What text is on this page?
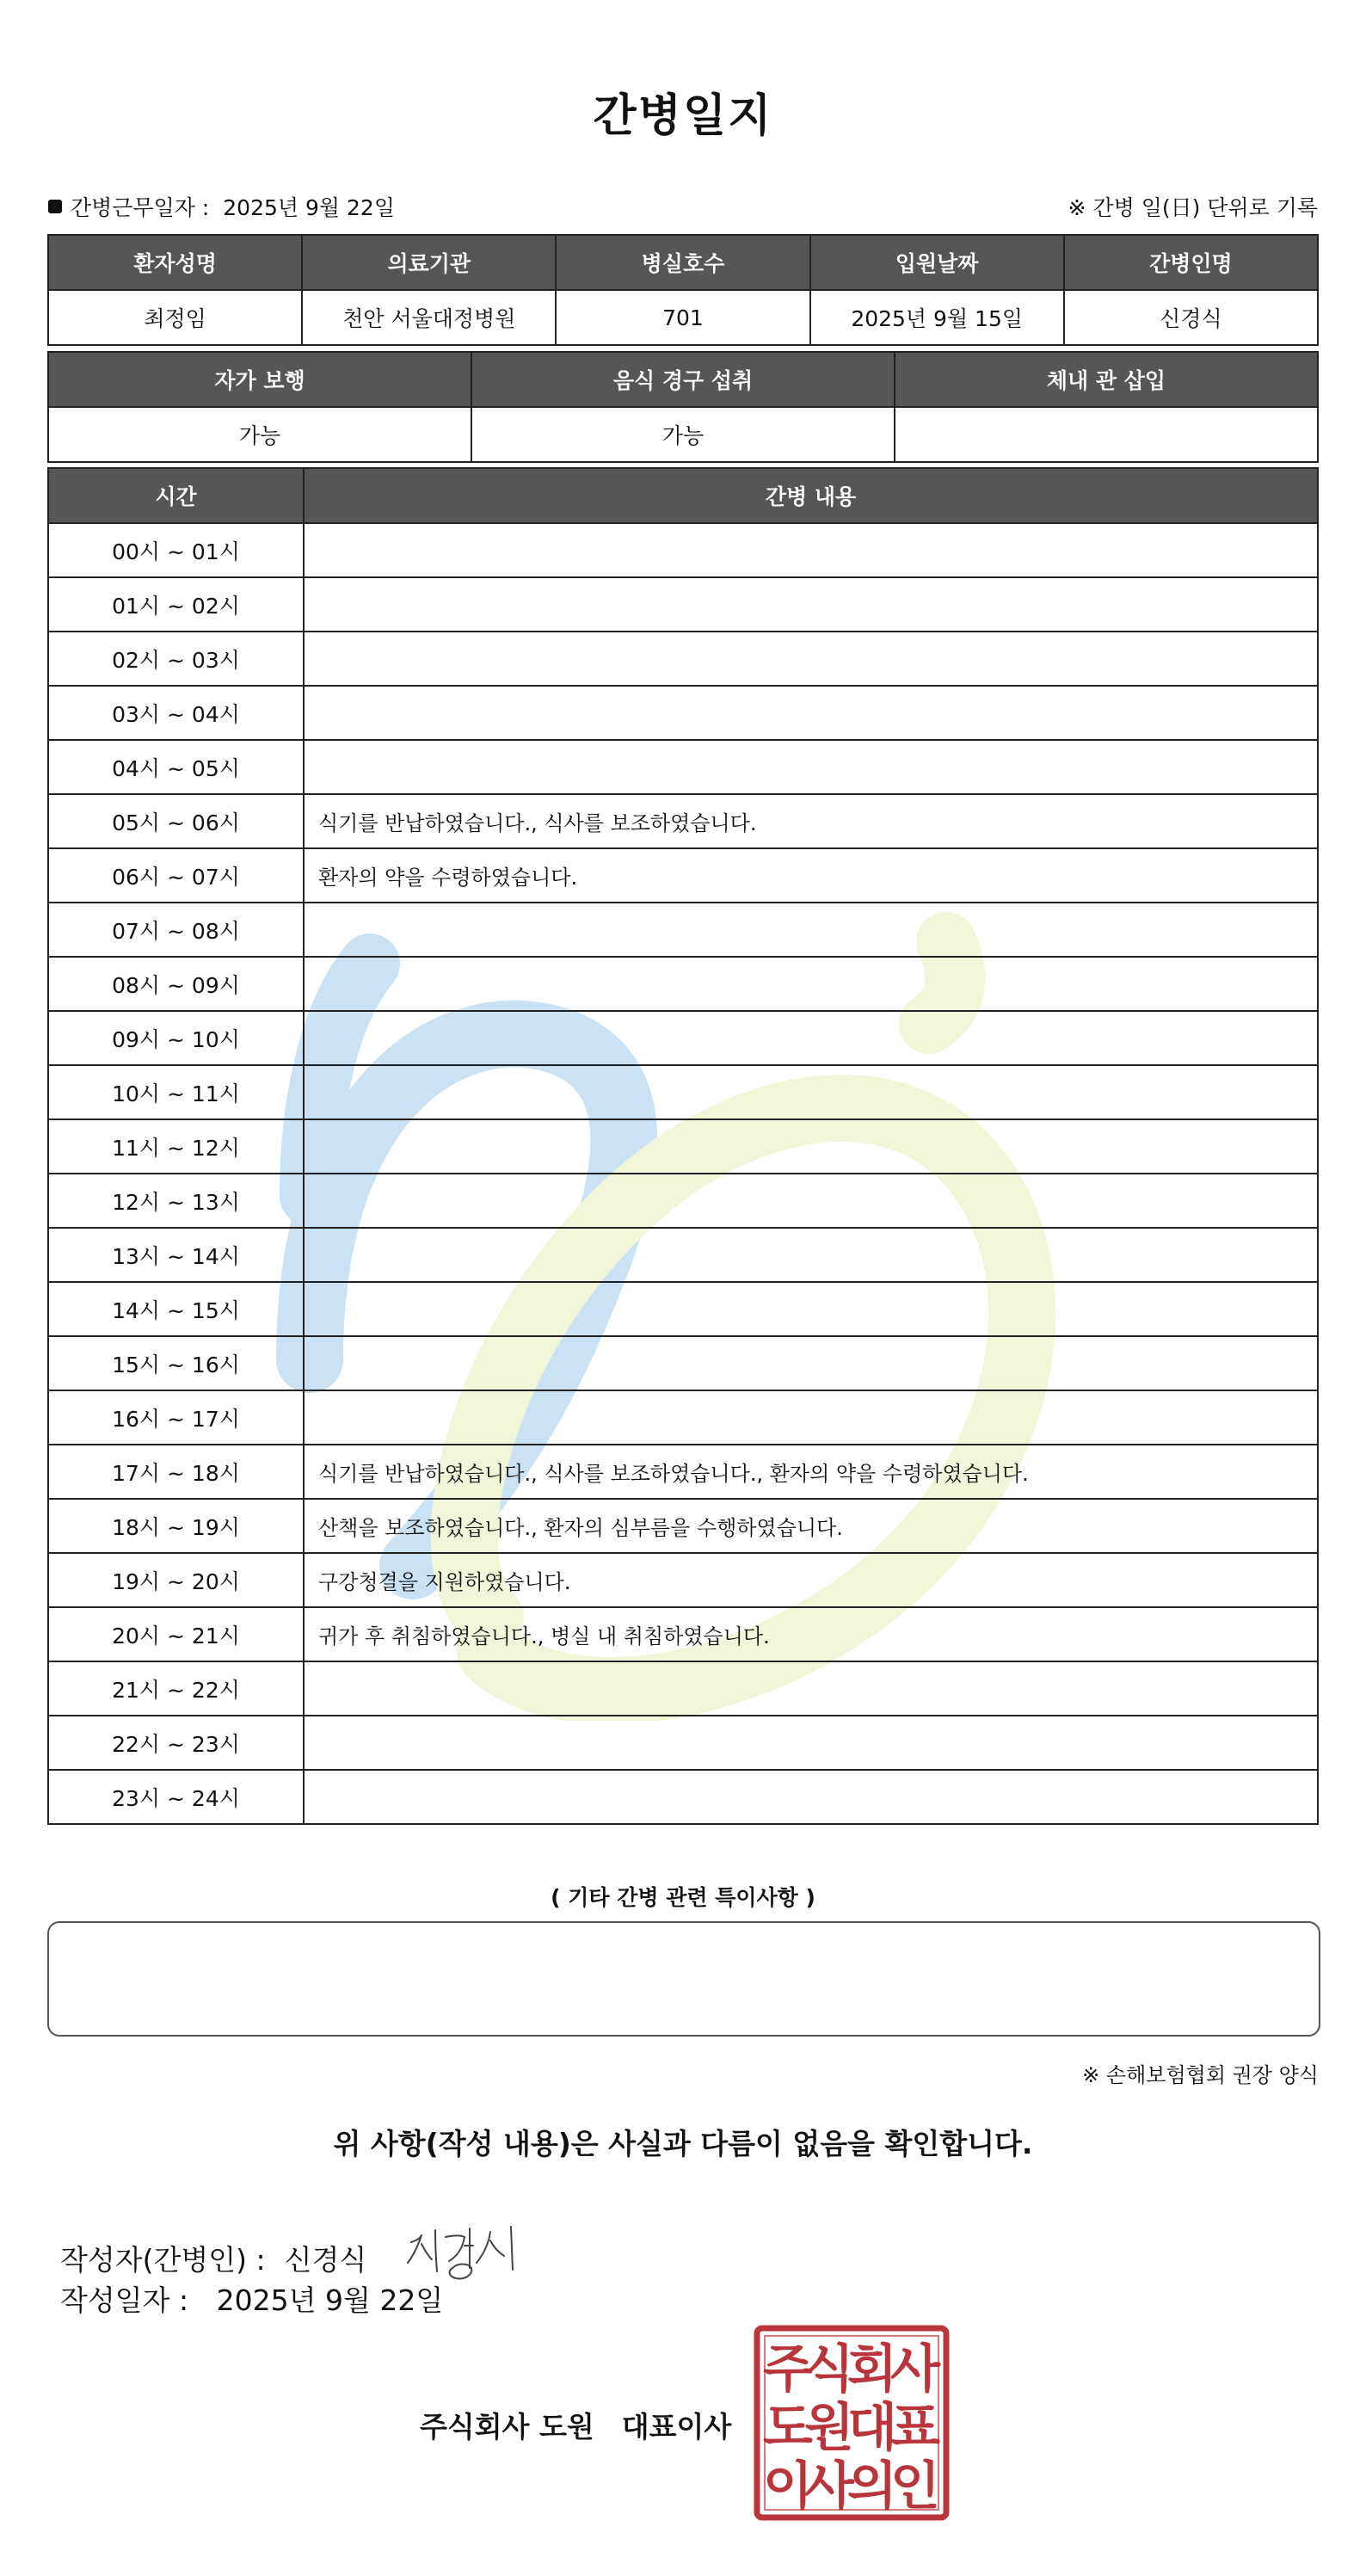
간병일지
간병근무일자 : 2025년 9월 22일	※ 간병 일(日) 단위로 기록
환자성명	의료기관	병실호수	입원날짜	간병인명
최정임	천안 서울대정병원	701	2025년 9월 15일	신경식
자가 보행	음식 경구 섭취	체내 관 삽입
가능	가능	
시간	간병 내용
00시 ~ 01시	
01시 ~ 02시	
02시 ~ 03시	
03시 ~ 04시	
04시 ~ 05시	
05시 ~ 06시	식기를 반납하였습니다., 식사를 보조하였습니다.
06시 ~ 07시	환자의 약을 수령하였습니다.
07시 ~ 08시	
08시 ~ 09시	
09시 ~ 10시	
10시 ~ 11시	
11시 ~ 12시	
12시 ~ 13시	
13시 ~ 14시	
14시 ~ 15시	
15시 ~ 16시	
16시 ~ 17시	
17시 ~ 18시	식기를 반납하였습니다., 식사를 보조하였습니다., 환자의 약을 수령하였습니다.
18시 ~ 19시	산책을 보조하였습니다., 환자의 심부름을 수행하였습니다.
19시 ~ 20시	구강청결을 지원하였습니다.
20시 ~ 21시	귀가 후 취침하였습니다., 병실 내 취침하였습니다.
21시 ~ 22시	
22시 ~ 23시	
23시 ~ 24시	
( 기타 간병 관련 특이사항 )
※ 손해보험협회 권장 양식
위 사항(작성 내용)은 사실과 다름이 없음을 확인합니다.
작성자(간병인) : 신경식
작성일자 : 2025년 9월 22일
주식회사 도원 대표이사
주
식
회
사
도
원
대
표
이
사
의
인
